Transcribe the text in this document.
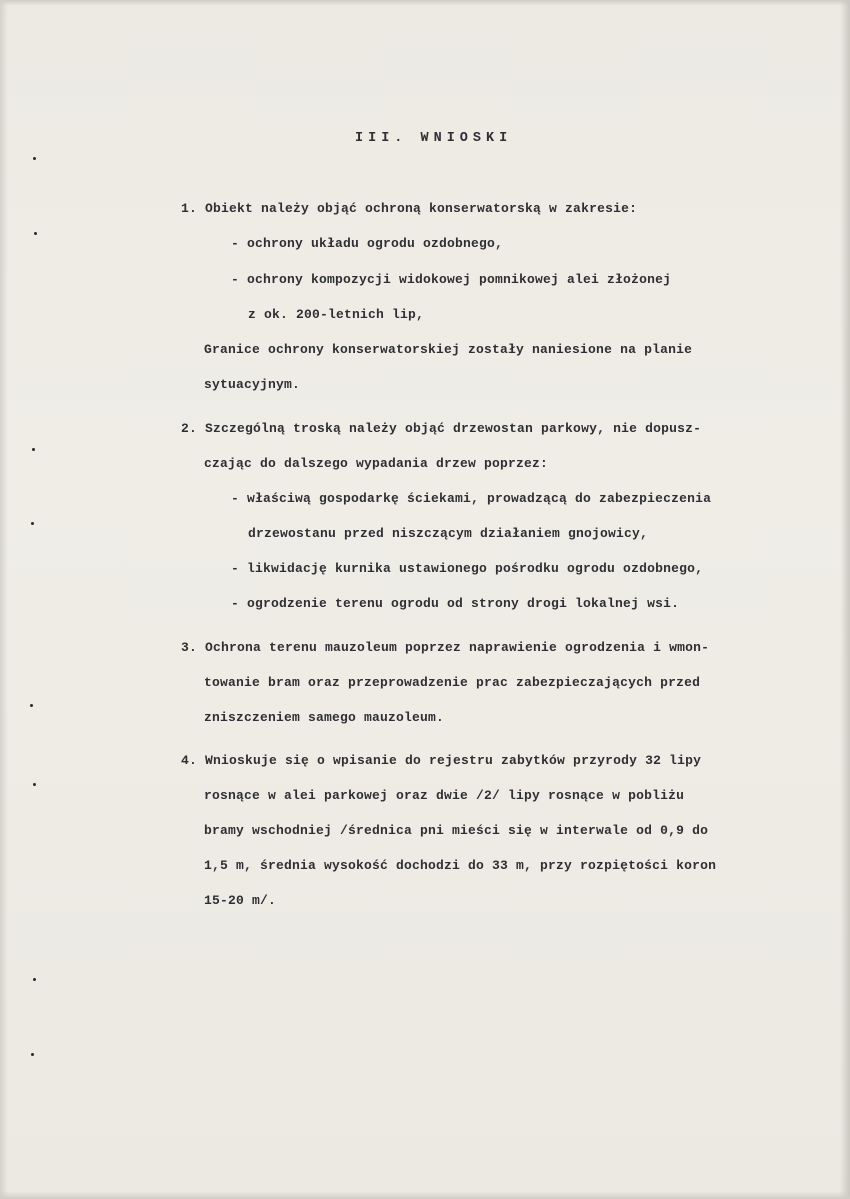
III. WNIOSKI
1. Obiekt należy objąć ochroną konserwatorską w zakresie:
- ochrony układu ogrodu ozdobnego,
- ochrony kompozycji widokowej pomnikowej alei złożonej
z ok. 200-letnich lip,
Granice ochrony konserwatorskiej zostały naniesione na planie
sytuacyjnym.
2. Szczególną troską należy objąć drzewostan parkowy, nie dopusz-
czając do dalszego wypadania drzew poprzez:
- właściwą gospodarkę ściekami, prowadzącą do zabezpieczenia
drzewostanu przed niszczącym działaniem gnojowicy,
- likwidację kurnika ustawionego pośrodku ogrodu ozdobnego,
- ogrodzenie terenu ogrodu od strony drogi lokalnej wsi.
3. Ochrona terenu mauzoleum poprzez naprawienie ogrodzenia i wmon-
towanie bram oraz przeprowadzenie prac zabezpieczających przed
zniszczeniem samego mauzoleum.
4. Wnioskuje się o wpisanie do rejestru zabytków przyrody 32 lipy
rosnące w alei parkowej oraz dwie /2/ lipy rosnące w pobliżu
bramy wschodniej /średnica pni mieści się w interwale od 0,9 do
1,5 m, średnia wysokość dochodzi do 33 m, przy rozpiętości koron
15-20 m/.
